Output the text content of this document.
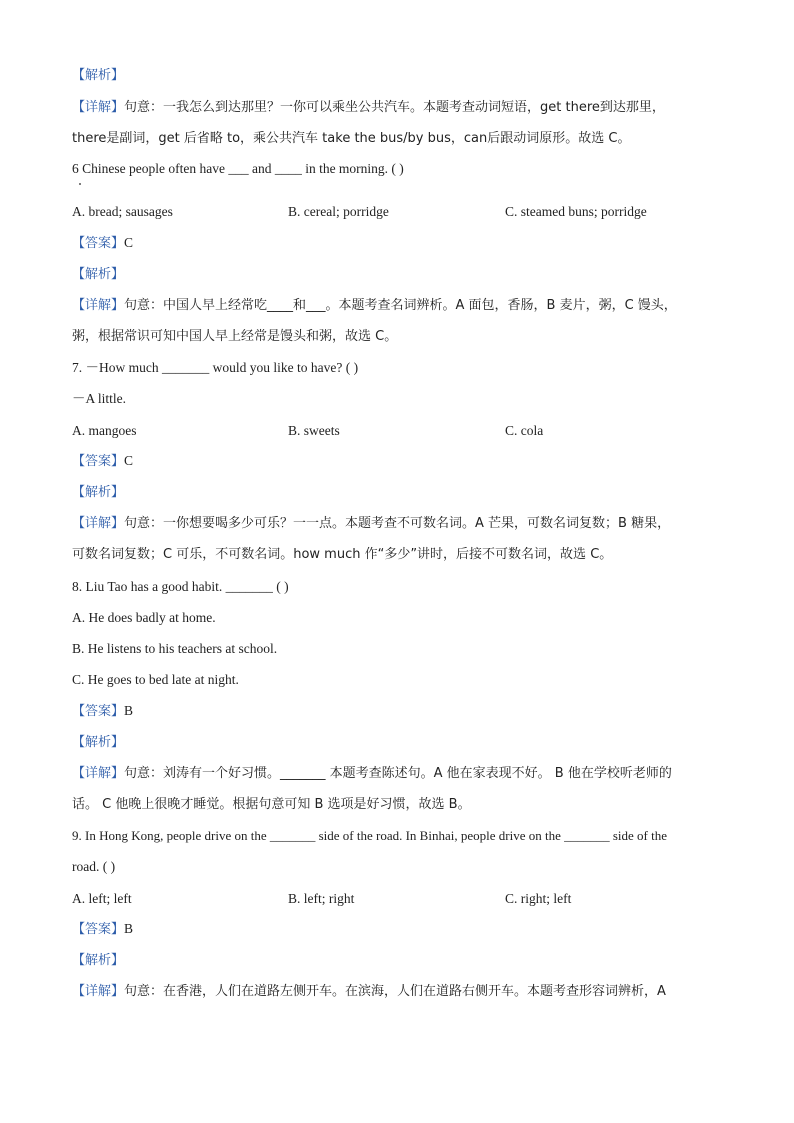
【解析】
【详解】句意：一我怎么到达那里？一你可以乘坐公共汽车。本题考查动词短语，get there到达那里，
there是副词，get 后省略 to，乘公共汽车 take the bus/by bus，can后跟动词原形。故选 C。
6 Chinese people often have ___ and ____ in the morning. ( )
A. bread; sausages	B. cereal; porridge	C. steamed buns; porridge
【答案】C
【解析】
【详解】句意：中国人早上经常吃____和___。本题考查名词辨析。A 面包，香肠，B 麦片，粥，C 馒头，
粥，根据常识可知中国人早上经常是馒头和粥，故选 C。
7. －How much _______ would you like to have? ( )
－A little.
A. mangoes	B. sweets	C. cola
【答案】C
【解析】
【详解】句意：一你想要喝多少可乐？一一点。本题考查不可数名词。A 芒果，可数名词复数；B 糖果，
可数名词复数；C 可乐，不可数名词。how much 作“多少”讲时，后接不可数名词，故选 C。
8. Liu Tao has a good habit. _______ ( )
A. He does badly at home.
B. He listens to his teachers at school.
C. He goes to bed late at night.
【答案】B
【解析】
【详解】句意：刘涛有一个好习惯。_______ 本题考查陈述句。A 他在家表现不好。 B 他在学校听老师的
话。 C 他晚上很晚才睡觉。根据句意可知 B 选项是好习惯，故选 B。
9. In Hong Kong, people drive on the _______ side of the road. In Binhai, people drive on the _______ side of the
road. ( )
A. left; left	B. left; right	C. right; left
【答案】B
【解析】
【详解】句意：在香港，人们在道路左侧开车。在滨海，人们在道路右侧开车。本题考查形容词辨析，A
